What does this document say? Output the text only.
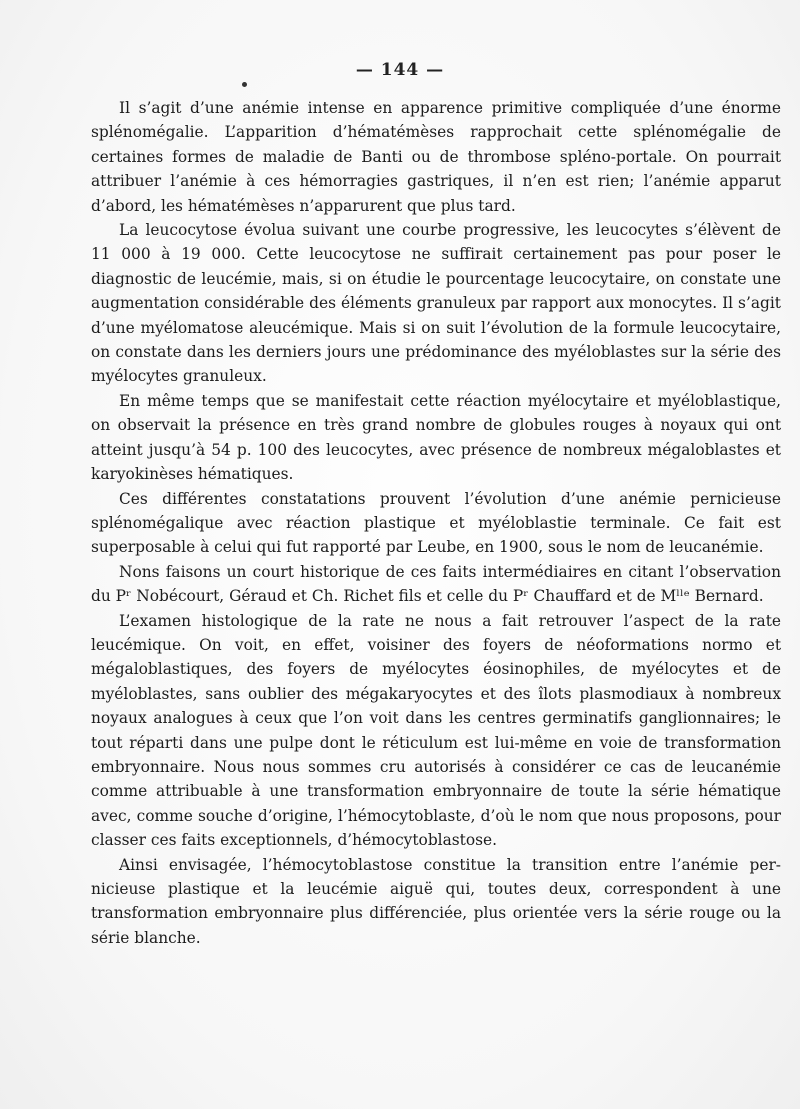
— 144 —

Il s’agit d’une anémie intense en apparence primitive compliquée d’une énorme splénomégalie. L’apparition d’hématémèses rapprochait cette splénomégalie de certaines formes de maladie de Banti ou de thrombose spléno-portale. On pourrait attribuer l’anémie à ces hémorragies gastriques, il n’en est rien; l’anémie apparut d’abord, les hématémèses n’apparurent que plus tard.

La leucocytose évolua suivant une courbe progressive, les leucocytes s’élèvent de 11 000 à 19 000. Cette leucocytose ne suffirait certainement pas pour poser le diagnostic de leucémie, mais, si on étudie le pourcentage leucocytaire, on constate une augmentation considérable des éléments granuleux par rapport aux monocytes. Il s’agit d’une myélomatose aleucémique. Mais si on suit l’évolution de la formule leucocytaire, on constate dans les derniers jours une prédominance des myéloblastes sur la série des myélocytes granuleux.

En même temps que se manifestait cette réaction myélocytaire et myéloblastique, on observait la présence en très grand nombre de globules rouges à noyaux qui ont atteint jusqu’à 54 p. 100 des leucocytes, avec présence de nombreux mégaloblastes et karyokinèses hématiques.

Ces différentes constatations prouvent l’évolution d’une anémie pernicieuse splénomégalique avec réaction plastique et myéloblastie terminale. Ce fait est superposable à celui qui fut rapporté par Leube, en 1900, sous le nom de leucanémie.

Nons faisons un court historique de ces faits intermédiaires en citant l’observation du Pʳ Nobécourt, Géraud et Ch. Richet fils et celle du Pʳ Chauffard et de Mˡˡᵉ Bernard.

L’examen histologique de la rate ne nous a fait retrouver l’aspect de la rate leucémique. On voit, en effet, voisiner des foyers de néoformations normo et mégaloblastiques, des foyers de myélocytes éosinophiles, de myélocytes et de myéloblastes, sans oublier des mégakaryocytes et des îlots plasmodiaux à nombreux noyaux analogues à ceux que l’on voit dans les centres germinatifs ganglionnaires; le tout réparti dans une pulpe dont le réticulum est lui-même en voie de transformation embryonnaire. Nous nous sommes cru autorisés à considérer ce cas de leucanémie comme attribuable à une transformation embryonnaire de toute la série hématique avec, comme souche d’origine, l’hémocytoblaste, d’où le nom que nous proposons, pour classer ces faits exceptionnels, d’hémocytoblastose.

Ainsi envisagée, l’hémocytoblastose constitue la transition entre l’anémie pernicieuse plastique et la leucémie aiguë qui, toutes deux, correspondent à une transformation embryonnaire plus différenciée, plus orientée vers la série rouge ou la série blanche.
